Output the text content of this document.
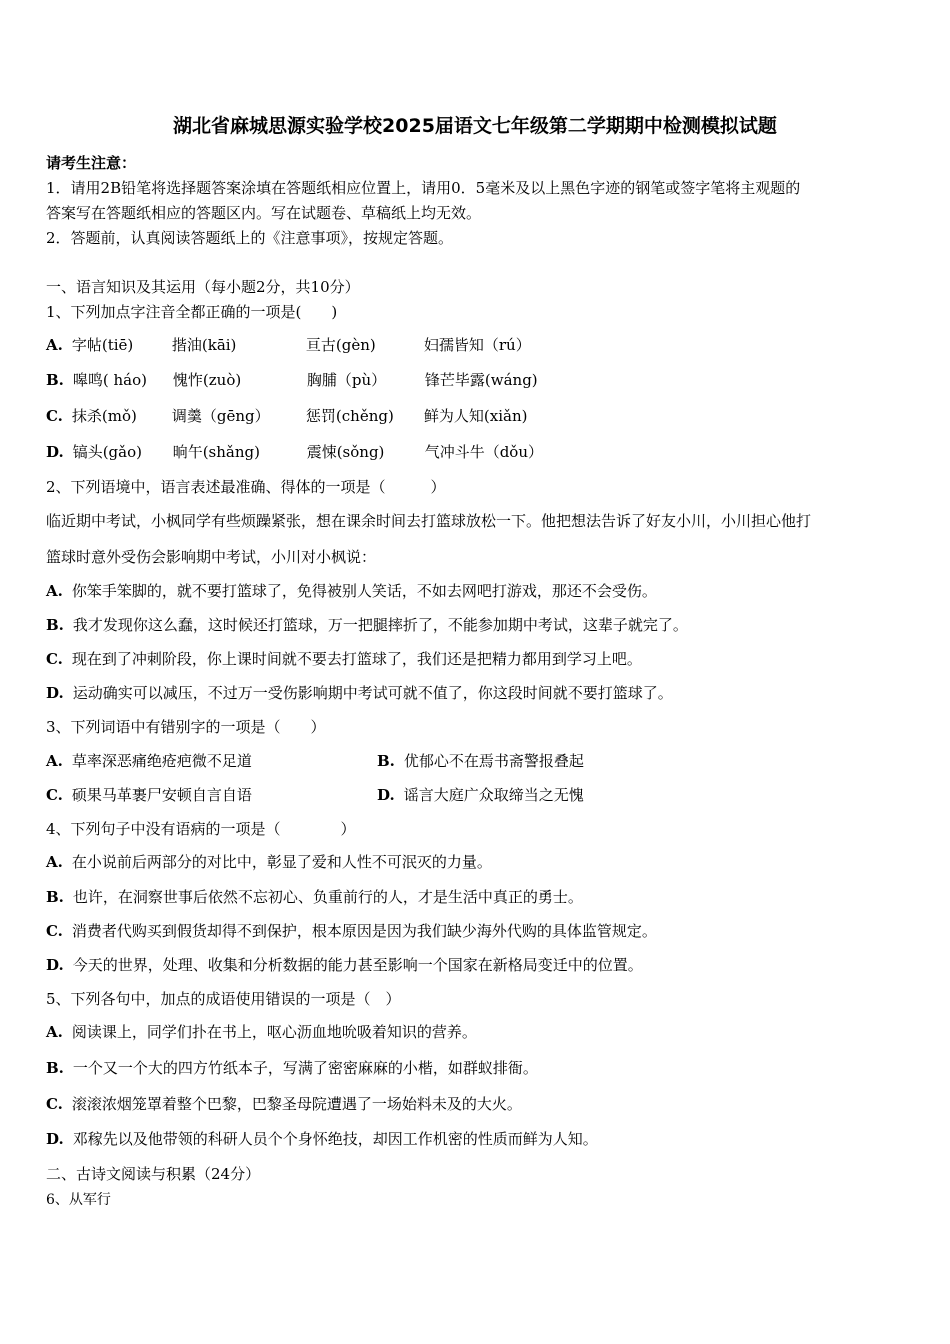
湖北省麻城思源实验学校2025届语文七年级第二学期期中检测模拟试题
请考生注意：
1．请用2B铅笔将选择题答案涂填在答题纸相应位置上，请用0．5毫米及以上黑色字迹的钢笔或签字笔将主观题的
答案写在答题纸相应的答题区内。写在试题卷、草稿纸上均无效。
2．答题前，认真阅读答题纸上的《注意事项》，按规定答题。
一、语言知识及其运用（每小题2分，共10分）
1、下列加点字注音全都正确的一项是(　　)
A. 字帖(tiē)	揩油(kāi)	亘古(gèn)	妇孺皆知（rú）
B. 嗥鸣( háo)	愧怍(zuò)	胸脯（pù）	锋芒毕露(wáng)
C. 抹杀(mǒ)	调羹（gēng）	惩罚(chěng)	鲜为人知(xiǎn)
D. 镐头(gǎo)	晌午(shǎng)	震悚(sǒng)	气冲斗牛（dǒu）
2、下列语境中，语言表述最准确、得体的一项是（　　　）
临近期中考试，小枫同学有些烦躁紧张，想在课余时间去打篮球放松一下。他把想法告诉了好友小川，小川担心他打
篮球时意外受伤会影响期中考试，小川对小枫说：
A. 你笨手笨脚的，就不要打篮球了，免得被别人笑话，不如去网吧打游戏，那还不会受伤。
B. 我才发现你这么蠢，这时候还打篮球，万一把腿摔折了，不能参加期中考试，这辈子就完了。
C. 现在到了冲刺阶段，你上课时间就不要去打篮球了，我们还是把精力都用到学习上吧。
D. 运动确实可以减压，不过万一受伤影响期中考试可就不值了，你这段时间就不要打篮球了。
3、下列词语中有错别字的一项是（　　）
A. 草率深恶痛绝疮疤微不足道	B. 优郁心不在焉书斋警报叠起
C. 硕果马革裹尸安顿自言自语	D. 谣言大庭广众取缔当之无愧
4、下列句子中没有语病的一项是（　　　　）
A. 在小说前后两部分的对比中，彰显了爱和人性不可泯灭的力量。
B. 也许，在洞察世事后依然不忘初心、负重前行的人，才是生活中真正的勇士。
C. 消费者代购买到假货却得不到保护，根本原因是因为我们缺少海外代购的具体监管规定。
D. 今天的世界，处理、收集和分析数据的能力甚至影响一个国家在新格局变迁中的位置。
5、下列各句中，加点的成语使用错误的一项是（　）
A. 阅读课上，同学们扑在书上，呕心沥血地吮吸着知识的营养。
B. 一个又一个大的四方竹纸本子，写满了密密麻麻的小楷，如群蚁排衙。
C. 滚滚浓烟笼罩着整个巴黎，巴黎圣母院遭遇了一场始料未及的大火。
D. 邓稼先以及他带领的科研人员个个身怀绝技，却因工作机密的性质而鲜为人知。
二、古诗文阅读与积累（24分）
6、从军行
